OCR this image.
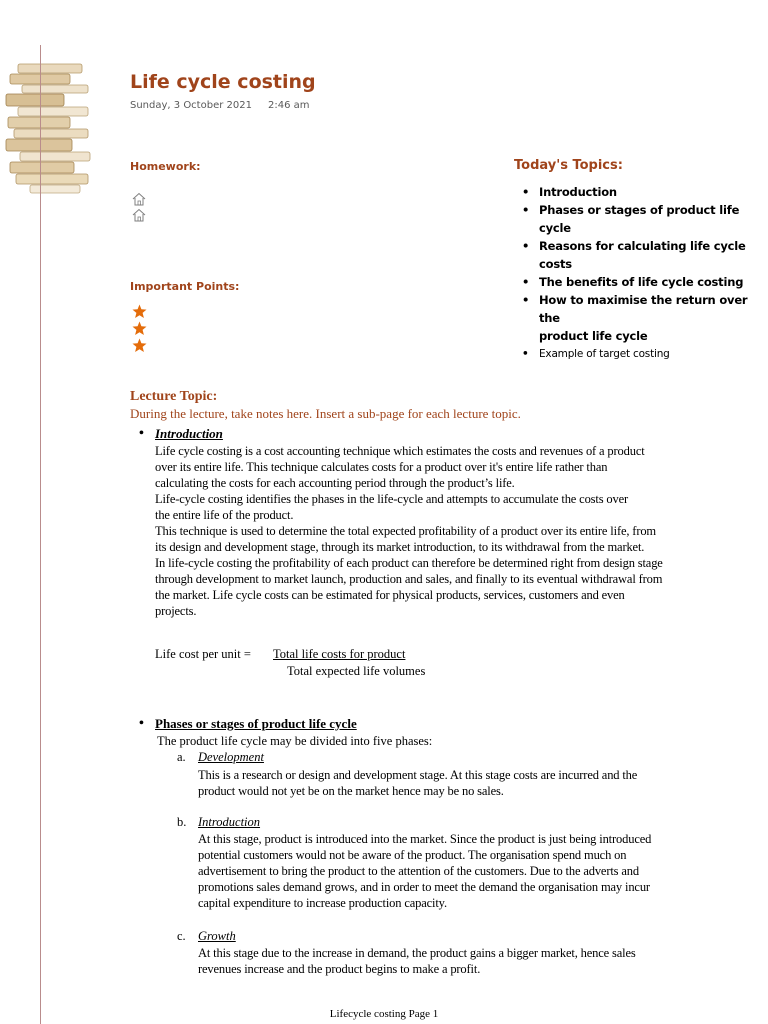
Life cycle costing
Sunday, 3 October 2021 2:46 am
Homework:
Important Points:
Today's Topics:
• Introduction
• Phases or stages of product life cycle
• Reasons for calculating life cycle costs
• The benefits of life cycle costing
• How to maximise the return over the
product life cycle
• Example of target costing
Lecture Topic:
During the lecture, take notes here. Insert a sub-page for each lecture topic.
• Introduction

Life cycle costing is a cost accounting technique which estimates the costs and revenues of a product

over its entire life. This technique calculates costs for a product over it's entire life rather than

calculating the costs for each accounting period through the product’s life.

Life-cycle costing identifies the phases in the life-cycle and attempts to accumulate the costs over

the entire life of the product.

This technique is used to determine the total expected profitability of a product over its entire life, from

its design and development stage, through its market introduction, to its withdrawal from the market.

In life-cycle costing the profitability of each product can therefore be determined right from design stage

through development to market launch, production and sales, and finally to its eventual withdrawal from

the market. Life cycle costs can be estimated for physical products, services, customers and even

projects.

Life cost per unit = Total life costs for product
Total expected life volumes
• Phases or stages of product life cycle
The product life cycle may be divided into five phases:
a. Development
This is a research or design and development stage. At this stage costs are incurred and the
product would not yet be on the market hence may be no sales.
b. Introduction
At this stage, product is introduced into the market. Since the product is just being introduced
potential customers would not be aware of the product. The organisation spend much on
advertisement to bring the product to the attention of the customers. Due to the adverts and
promotions sales demand grows, and in order to meet the demand the organisation may incur
capital expenditure to increase production capacity.
c. Growth
At this stage due to the increase in demand, the product gains a bigger market, hence sales
revenues increase and the product begins to make a profit.
Lifecycle costing Page 1
